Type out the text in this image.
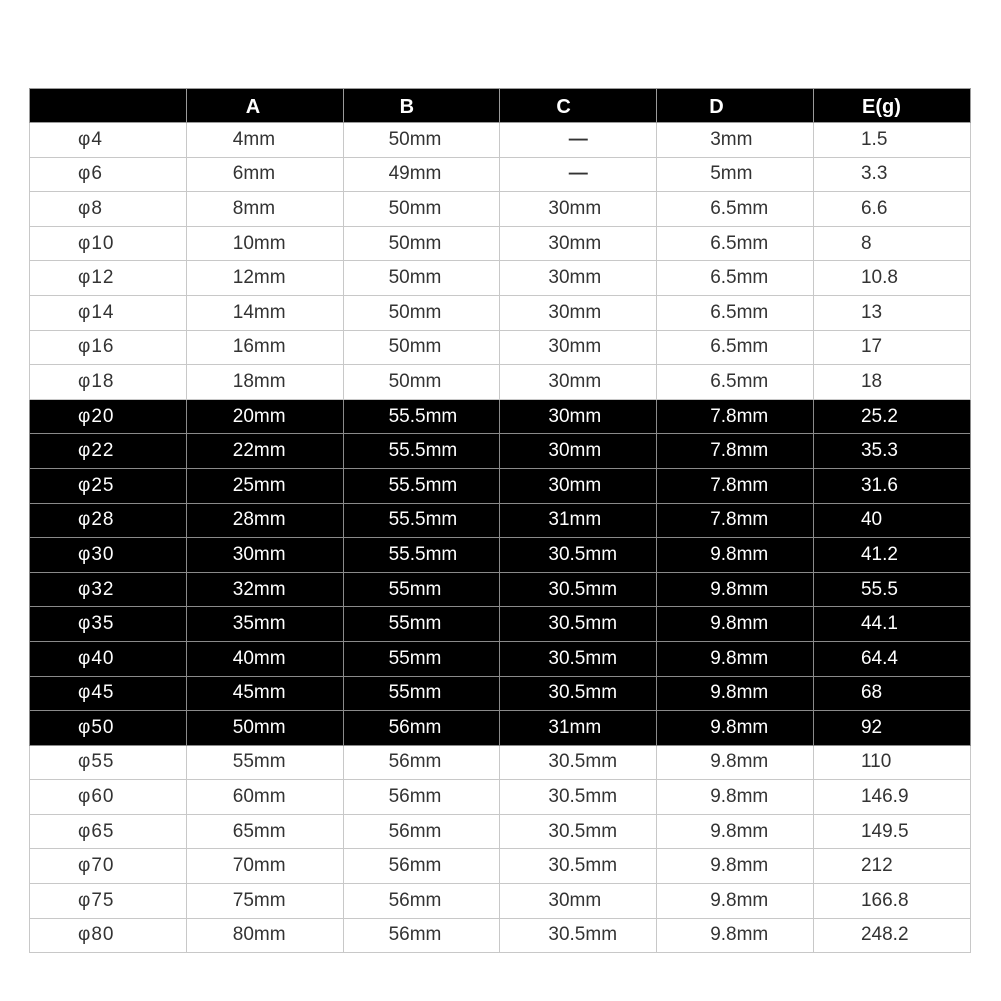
	A	B	C	D	E(g)
φ4	4mm	50mm	—	3mm	1.5
φ6	6mm	49mm	—	5mm	3.3
φ8	8mm	50mm	30mm	6.5mm	6.6
φ10	10mm	50mm	30mm	6.5mm	8
φ12	12mm	50mm	30mm	6.5mm	10.8
φ14	14mm	50mm	30mm	6.5mm	13
φ16	16mm	50mm	30mm	6.5mm	17
φ18	18mm	50mm	30mm	6.5mm	18
φ20	20mm	55.5mm	30mm	7.8mm	25.2
φ22	22mm	55.5mm	30mm	7.8mm	35.3
φ25	25mm	55.5mm	30mm	7.8mm	31.6
φ28	28mm	55.5mm	31mm	7.8mm	40
φ30	30mm	55.5mm	30.5mm	9.8mm	41.2
φ32	32mm	55mm	30.5mm	9.8mm	55.5
φ35	35mm	55mm	30.5mm	9.8mm	44.1
φ40	40mm	55mm	30.5mm	9.8mm	64.4
φ45	45mm	55mm	30.5mm	9.8mm	68
φ50	50mm	56mm	31mm	9.8mm	92
φ55	55mm	56mm	30.5mm	9.8mm	110
φ60	60mm	56mm	30.5mm	9.8mm	146.9
φ65	65mm	56mm	30.5mm	9.8mm	149.5
φ70	70mm	56mm	30.5mm	9.8mm	212
φ75	75mm	56mm	30mm	9.8mm	166.8
φ80	80mm	56mm	30.5mm	9.8mm	248.2
